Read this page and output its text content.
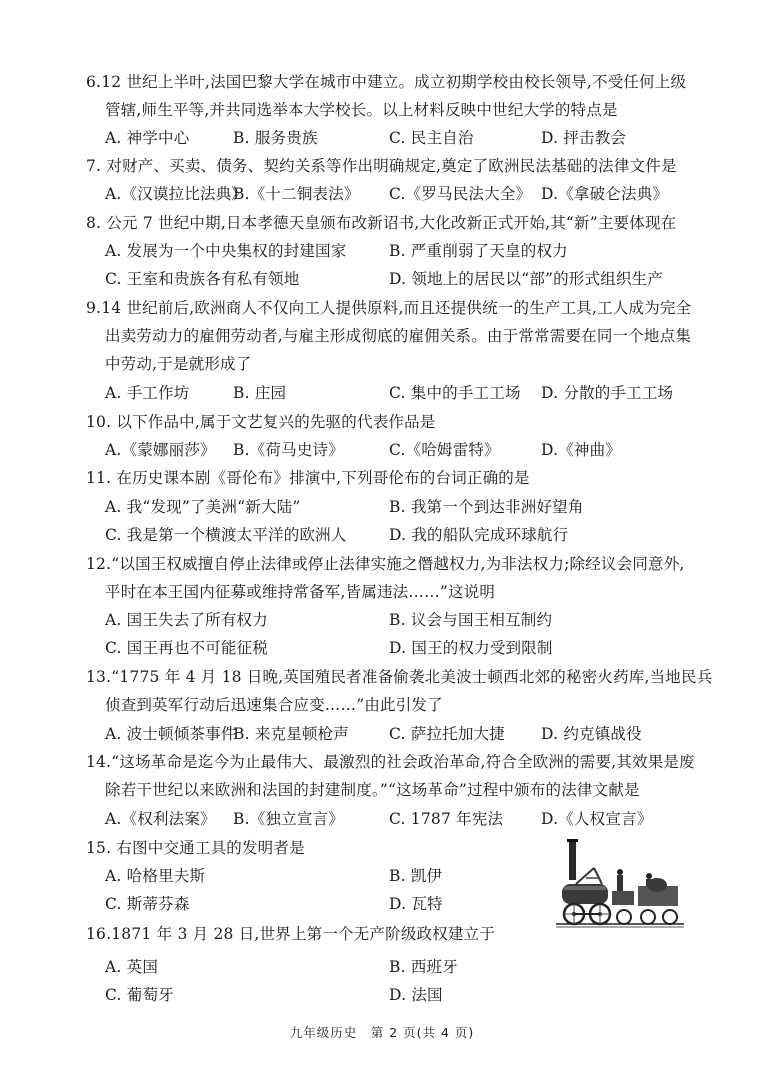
6.12 世纪上半叶,法国巴黎大学在城市中建立。成立初期学校由校长领导,不受任何上级
管辖,师生平等,并共同选举本大学校长。以上材料反映中世纪大学的特点是
A. 神学中心	B. 服务贵族	C. 民主自治	D. 抨击教会
7. 对财产、买卖、债务、契约关系等作出明确规定,奠定了欧洲民法基础的法律文件是
A.《汉谟拉比法典》
B.《十二铜表法》 C.《罗马民法大全》 D.《拿破仑法典》
8. 公元 7 世纪中期,日本孝德天皇颁布改新诏书,大化改新正式开始,其“新”主要体现在
A. 发展为一个中央集权的封建国家	B. 严重削弱了天皇的权力
C. 王室和贵族各有私有领地	D. 领地上的居民以“部”的形式组织生产
9.14 世纪前后,欧洲商人不仅向工人提供原料,而且还提供统一的生产工具,工人成为完全
出卖劳动力的雇佣劳动者,与雇主形成彻底的雇佣关系。由于常常需要在同一个地点集
中劳动,于是就形成了
A. 手工作坊	B. 庄园	C. 集中的手工工场 D. 分散的手工工场
10. 以下作品中,属于文艺复兴的先驱的代表作品是
A.《蒙娜丽莎》 B.《荷马史诗》	C.《哈姆雷特》	D.《神曲》
11. 在历史课本剧《哥伦布》排演中,下列哥伦布的台词正确的是
A. 我“发现”了美洲“新大陆”	B. 我第一个到达非洲好望角
C. 我是第一个横渡太平洋的欧洲人	D. 我的船队完成环球航行
12.“以国王权威擅自停止法律或停止法律实施之僭越权力,为非法权力;除经议会同意外,
平时在本王国内征募或维持常备军,皆属违法……”这说明
A. 国王失去了所有权力	B. 议会与国王相互制约
C. 国王再也不可能征税	D. 国王的权力受到限制
13.“1775 年 4 月 18 日晚,英国殖民者准备偷袭北美波士顿西北郊的秘密火药库,当地民兵
侦查到英军行动后迅速集合应变……”由此引发了
A. 波士顿倾茶事件
B. 来克星顿枪声	C. 萨拉托加大捷 D. 约克镇战役
14.“这场革命是迄今为止最伟大、最激烈的社会政治革命,符合全欧洲的需要,其效果是废
除若干世纪以来欧洲和法国的封建制度。”“这场革命”过程中颁布的法律文献是
A.《权利法案》 B.《独立宣言》	C. 1787 年宪法 D.《人权宣言》
15. 右图中交通工具的发明者是
A. 哈格里夫斯	B. 凯伊
C. 斯蒂芬森	D. 瓦特
16.1871 年 3 月 28 日,世界上第一个无产阶级政权建立于
A. 英国	B. 西班牙
C. 葡萄牙	D. 法国
九年级历史　第 2 页(共 4 页)
